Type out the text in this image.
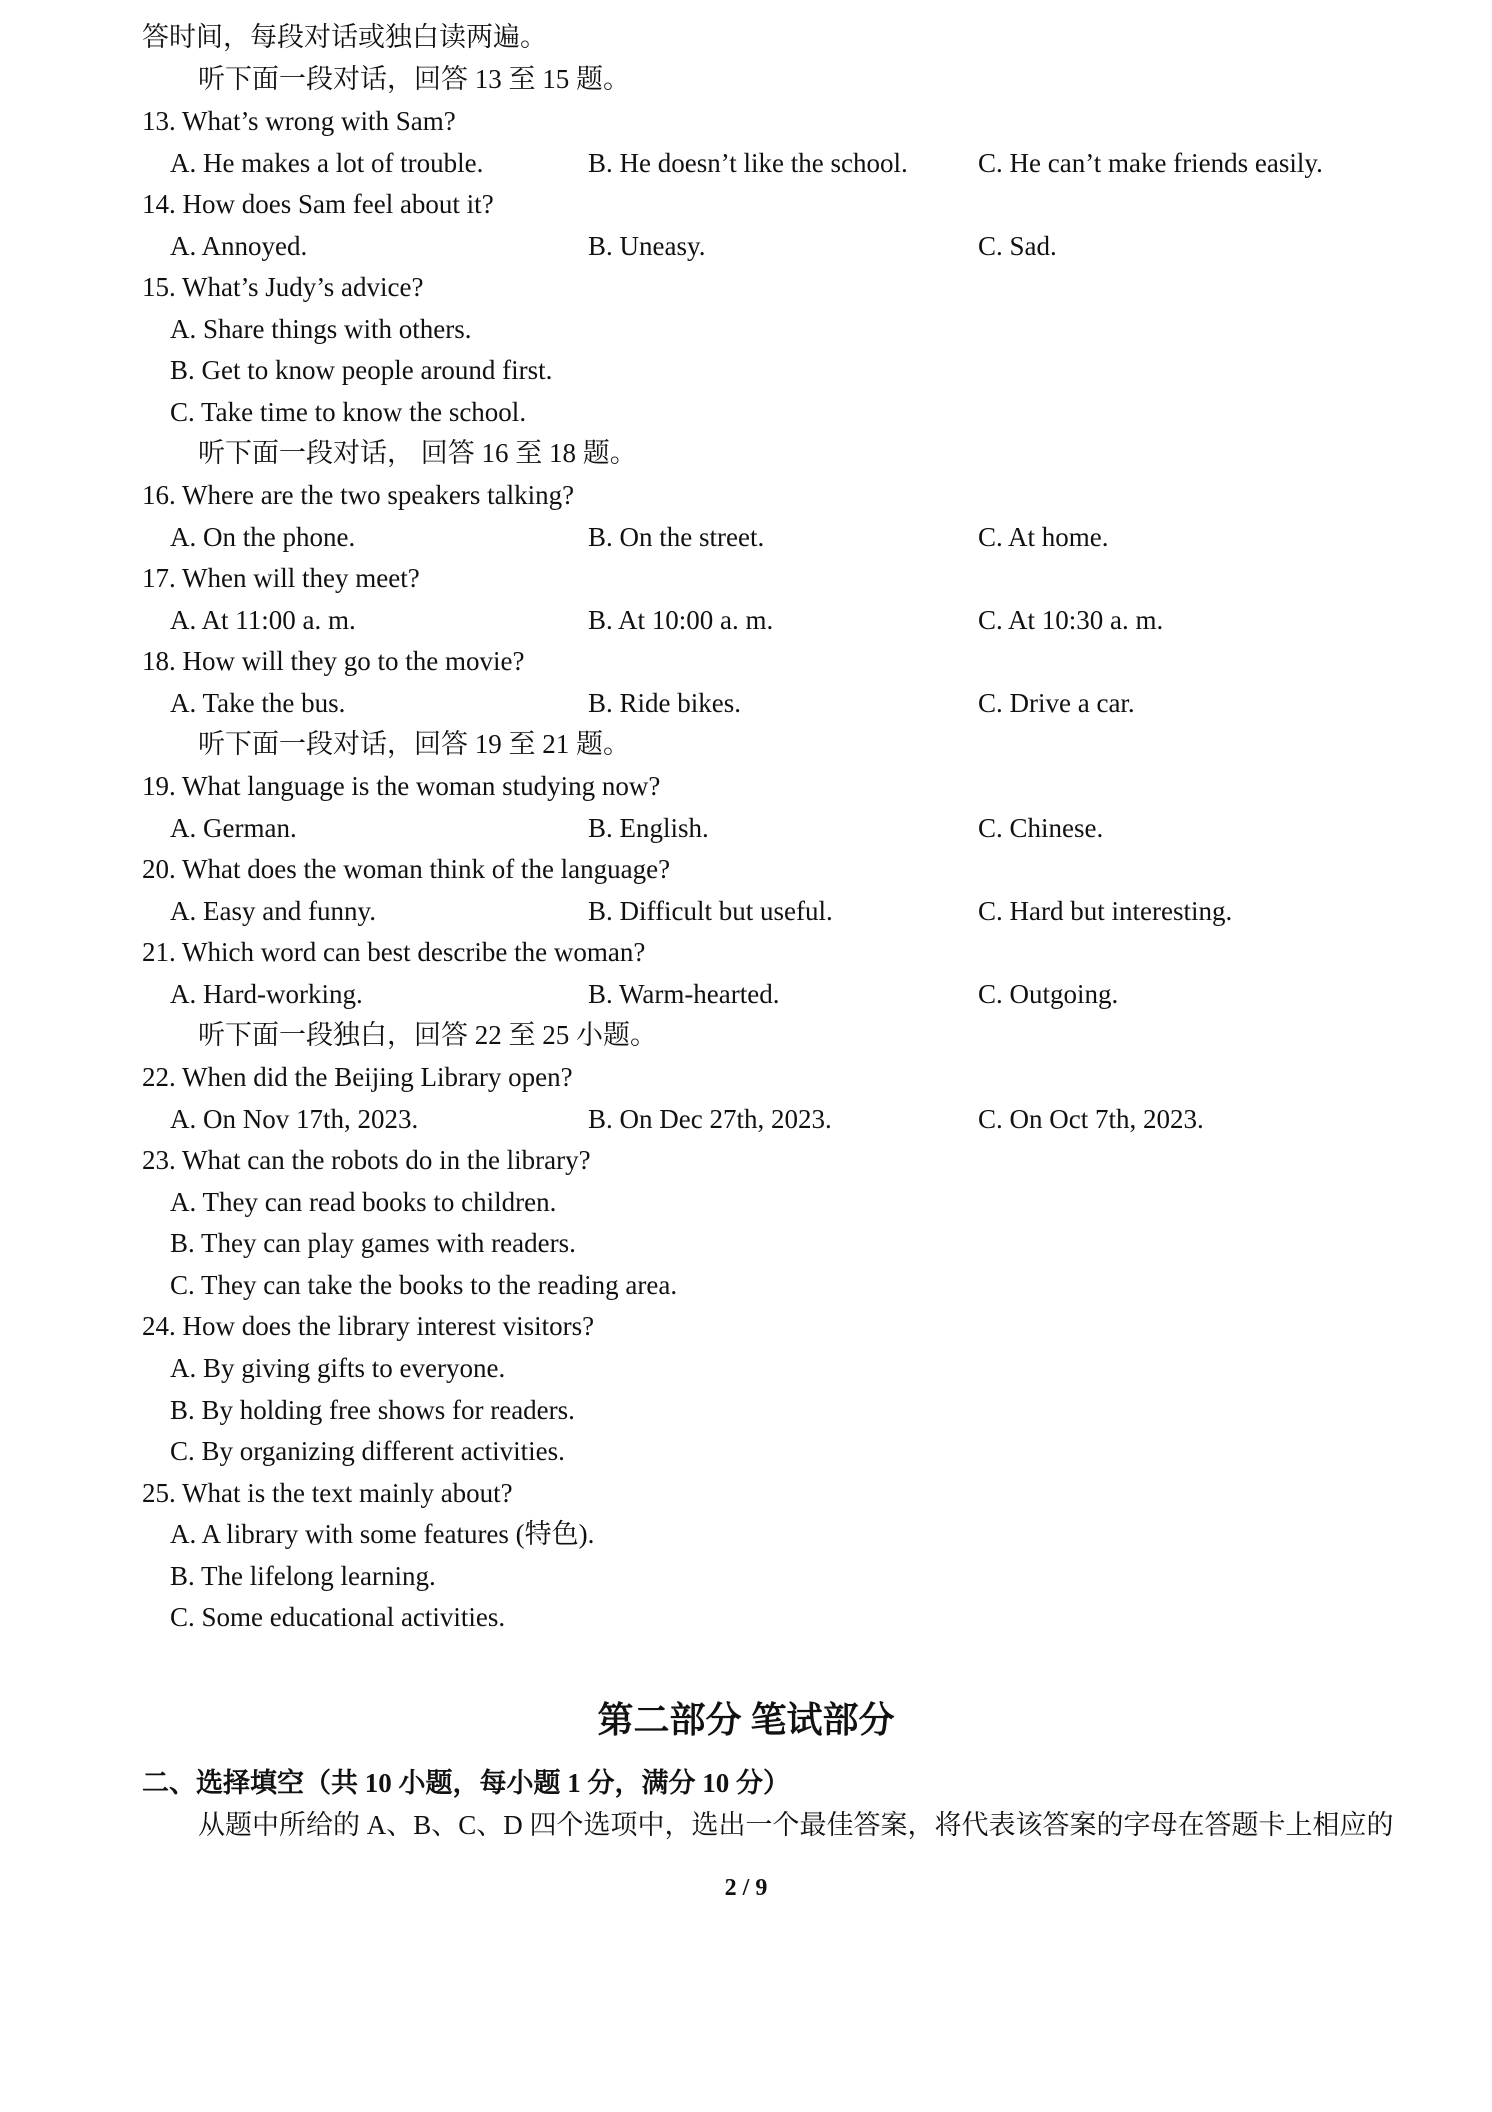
答时间，每段对话或独白读两遍。
听下面一段对话，回答 13 至 15 题。
13. What’s wrong with Sam?
A. He makes a lot of trouble.	B. He doesn’t like the school.	C. He can’t make friends easily.
14. How does Sam feel about it?
A. Annoyed.	B. Uneasy.	C. Sad.
15. What’s Judy’s advice?
A. Share things with others.
B. Get to know people around first.
C. Take time to know the school.
听下面一段对话， 回答 16 至 18 题。
16. Where are the two speakers talking?
A. On the phone.	B. On the street.	C. At home.
17. When will they meet?
A. At 11:00 a. m.	B. At 10:00 a. m.	C. At 10:30 a. m.
18. How will they go to the movie?
A. Take the bus.	B. Ride bikes.	C. Drive a car.
听下面一段对话，回答 19 至 21 题。
19. What language is the woman studying now?
A. German.	B. English.	C. Chinese.
20. What does the woman think of the language?
A. Easy and funny.	B. Difficult but useful.	C. Hard but interesting.
21. Which word can best describe the woman?
A. Hard-working.	B. Warm-hearted.	C. Outgoing.
听下面一段独白，回答 22 至 25 小题。
22. When did the Beijing Library open?
A. On Nov 17th, 2023.	B. On Dec 27th, 2023.	C. On Oct 7th, 2023.
23. What can the robots do in the library?
A. They can read books to children.
B. They can play games with readers.
C. They can take the books to the reading area.
24. How does the library interest visitors?
A. By giving gifts to everyone.
B. By holding free shows for readers.
C. By organizing different activities.
25. What is the text mainly about?
A. A library with some features (特色).
B. The lifelong learning.
C. Some educational activities.
第二部分 笔试部分
二、选择填空（共 10 小题，每小题 1 分，满分 10 分）
从题中所给的 A、B、C、D 四个选项中，选出一个最佳答案，将代表该答案的字母在答题卡上相应的
2 / 9
